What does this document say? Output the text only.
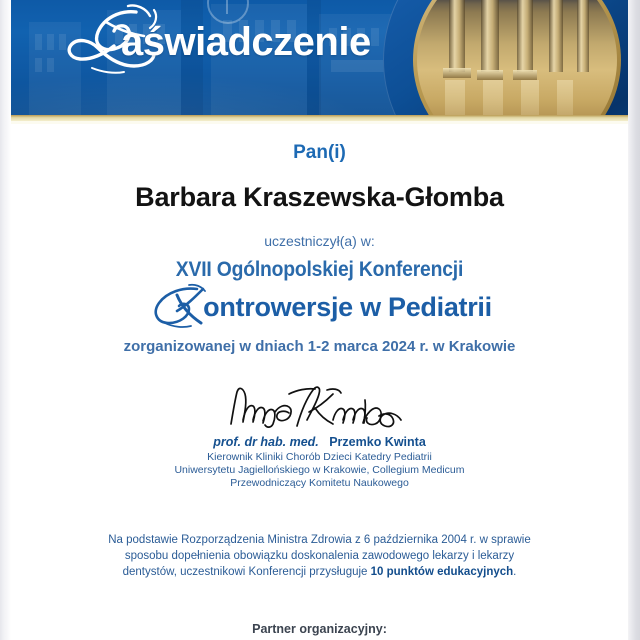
aświadczenie
Pan(i)
Barbara Kraszewska-Głomba
uczestniczył(a) w:
XVII Ogólnopolskiej Konferencji
ontrowersje w Pediatrii
zorganizowanej w dniach 1-2 marca 2024 r. w Krakowie
prof. dr hab. med. Przemko Kwinta
Kierownik Kliniki Chorób Dzieci Katedry Pediatrii
Uniwersytetu Jagiellońskiego w Krakowie, Collegium Medicum
Przewodniczący Komitetu Naukowego
Na podstawie Rozporządzenia Ministra Zdrowia z 6 października 2004 r. w sprawie
sposobu dopełnienia obowiązku doskonalenia zawodowego lekarzy i lekarzy
dentystów, uczestnikowi Konferencji przysługuje 10 punktów edukacyjnych.
Partner organizacyjny:
